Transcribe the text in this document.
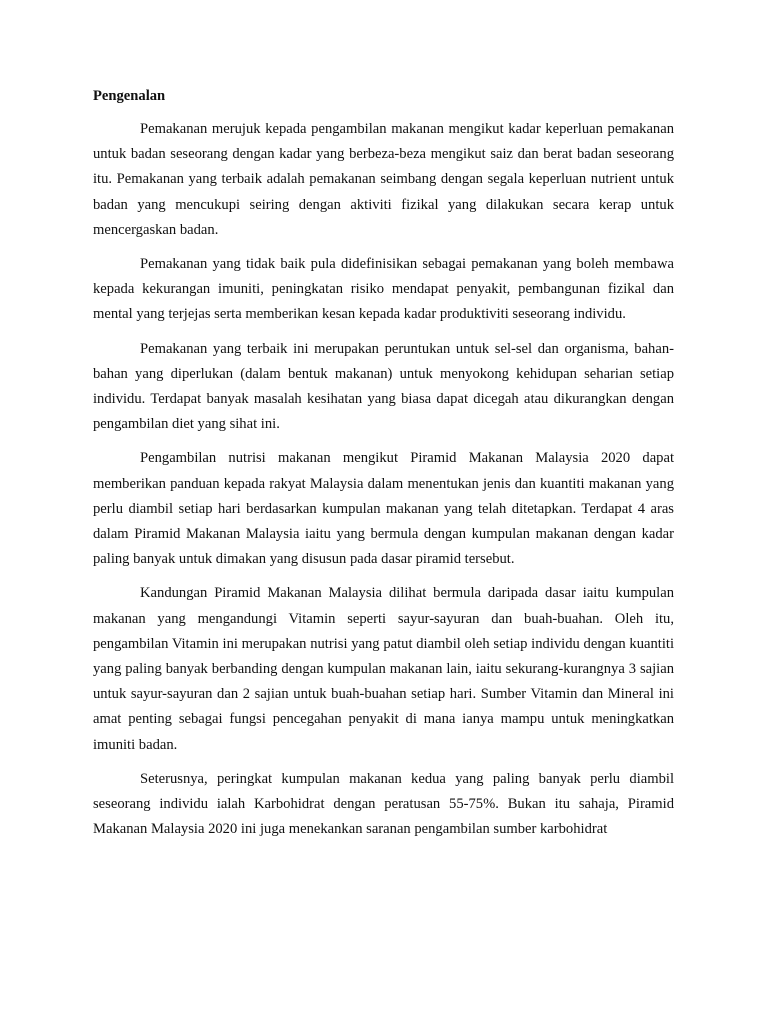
Pengenalan

Pemakanan merujuk kepada pengambilan makanan mengikut kadar keperluan pemakanan untuk badan seseorang dengan kadar yang berbeza-beza mengikut saiz dan berat badan seseorang itu. Pemakanan yang terbaik adalah pemakanan seimbang dengan segala keperluan nutrient untuk badan yang mencukupi seiring dengan aktiviti fizikal yang dilakukan secara kerap untuk mencergaskan badan.

Pemakanan yang tidak baik pula didefinisikan sebagai pemakanan yang boleh membawa kepada kekurangan imuniti, peningkatan risiko mendapat penyakit, pembangunan fizikal dan mental yang terjejas serta memberikan kesan kepada kadar produktiviti seseorang individu.

Pemakanan yang terbaik ini merupakan peruntukan untuk sel-sel dan organisma, bahan-bahan yang diperlukan (dalam bentuk makanan) untuk menyokong kehidupan seharian setiap individu. Terdapat banyak masalah kesihatan yang biasa dapat dicegah atau dikurangkan dengan pengambilan diet yang sihat ini.

Pengambilan nutrisi makanan mengikut Piramid Makanan Malaysia 2020 dapat memberikan panduan kepada rakyat Malaysia dalam menentukan jenis dan kuantiti makanan yang perlu diambil setiap hari berdasarkan kumpulan makanan yang telah ditetapkan. Terdapat 4 aras dalam Piramid Makanan Malaysia iaitu yang bermula dengan kumpulan makanan dengan kadar paling banyak untuk dimakan yang disusun pada dasar piramid tersebut.

Kandungan Piramid Makanan Malaysia dilihat bermula daripada dasar iaitu kumpulan makanan yang mengandungi Vitamin seperti sayur-sayuran dan buah-buahan. Oleh itu, pengambilan Vitamin ini merupakan nutrisi yang patut diambil oleh setiap individu dengan kuantiti yang paling banyak berbanding dengan kumpulan makanan lain, iaitu sekurang-kurangnya 3 sajian untuk sayur-sayuran dan 2 sajian untuk buah-buahan setiap hari. Sumber Vitamin dan Mineral ini amat penting sebagai fungsi pencegahan penyakit di mana ianya mampu untuk meningkatkan imuniti badan.

Seterusnya, peringkat kumpulan makanan kedua yang paling banyak perlu diambil seseorang individu ialah Karbohidrat dengan peratusan 55-75%. Bukan itu sahaja, Piramid Makanan Malaysia 2020 ini juga menekankan saranan pengambilan sumber karbohidrat
